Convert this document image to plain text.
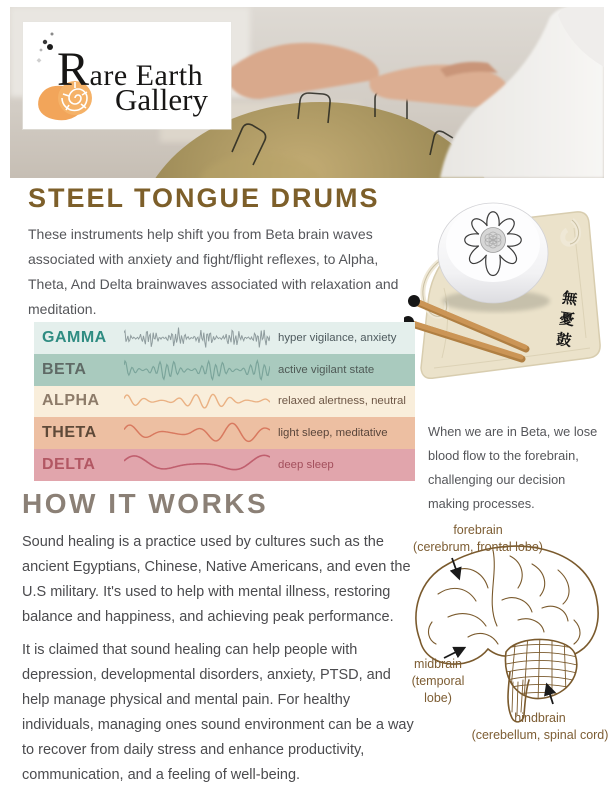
Rare Earth
Gallery
STEEL TONGUE DRUMS
These instruments help shift you from Beta brain waves associated with anxiety and fight/flight reflexes, to Alpha, Theta, And Delta brainwaves associated with relaxation and meditation.	無憂鼓
GAMMA	hyper vigilance, anxiety
BETA	active vigilant state
ALPHA	relaxed alertness, neutral
THETA	light sleep, meditative
DELTA	deep sleep
When we are in Beta, we lose blood flow to the forebrain, challenging our decision making processes.
HOW IT WORKS
Sound healing is a practice used by cultures such as the ancient Egyptians, Chinese, Native Americans, and even the U.S military. It's used to help with mental illness, restoring balance and happiness, and achieving peak performance.
It is claimed that sound healing can help people with depression, developmental disorders, anxiety, PTSD, and help manage physical and mental pain. For healthy individuals, managing ones sound environment can be a way to recover from daily stress and enhance productivity, communication, and a feeling of well-being.
forebrain
(cerebrum, frontal lobe)
midbrain
(temporal lobe)
hindbrain
(cerebellum, spinal cord)
